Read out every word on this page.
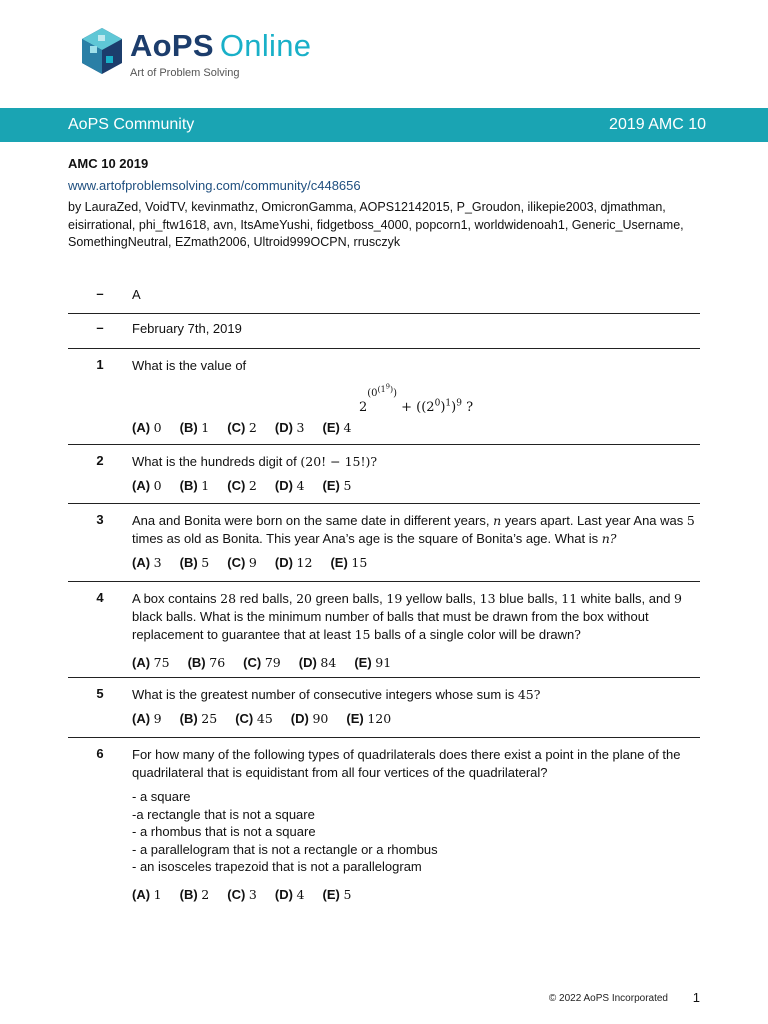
AoPS Online
Art of Problem Solving
AoPS Community	2019 AMC 10
AMC 10 2019
www.artofproblemsolving.com/community/c448656
by LauraZed, VoidTV, kevinmathz, OmicronGamma, AOPS12142015, P_Groudon, ilikepie2003, djmathman, eisirrational, phi_ftw1618, avn, ItsAmeYushi, fidgetboss_4000, popcorn1, worldwidenoah1, Generic_Username, SomethingNeutral, EZmath2006, Ultroid999OCPN, rrusczyk
–	A
–	February 7th, 2019
1	What is the value of
$2^{(0^{(1^9)})} + ((2^0)^1)^9$ ?
(A) 0 (B) 1 (C) 2 (D) 3 (E) 4
2	What is the hundreds digit of (20! − 15!)?
(A) 0 (B) 1 (C) 2 (D) 4 (E) 5
3	Ana and Bonita were born on the same date in different years, n years apart. Last year Ana was 5 times as old as Bonita. This year Ana’s age is the square of Bonita’s age. What is n?
(A) 3 (B) 5 (C) 9 (D) 12 (E) 15
4	A box contains 28 red balls, 20 green balls, 19 yellow balls, 13 blue balls, 11 white balls, and 9 black balls. What is the minimum number of balls that must be drawn from the box without replacement to guarantee that at least 15 balls of a single color will be drawn?
(A) 75 (B) 76 (C) 79 (D) 84 (E) 91
5	What is the greatest number of consecutive integers whose sum is 45?
(A) 9 (B) 25 (C) 45 (D) 90 (E) 120
6	For how many of the following types of quadrilaterals does there exist a point in the plane of the quadrilateral that is equidistant from all four vertices of the quadrilateral?
- a square
-a rectangle that is not a square
- a rhombus that is not a square
- a parallelogram that is not a rectangle or a rhombus
- an isosceles trapezoid that is not a parallelogram
(A) 1 (B) 2 (C) 3 (D) 4 (E) 5
© 2022 AoPS Incorporated 1
